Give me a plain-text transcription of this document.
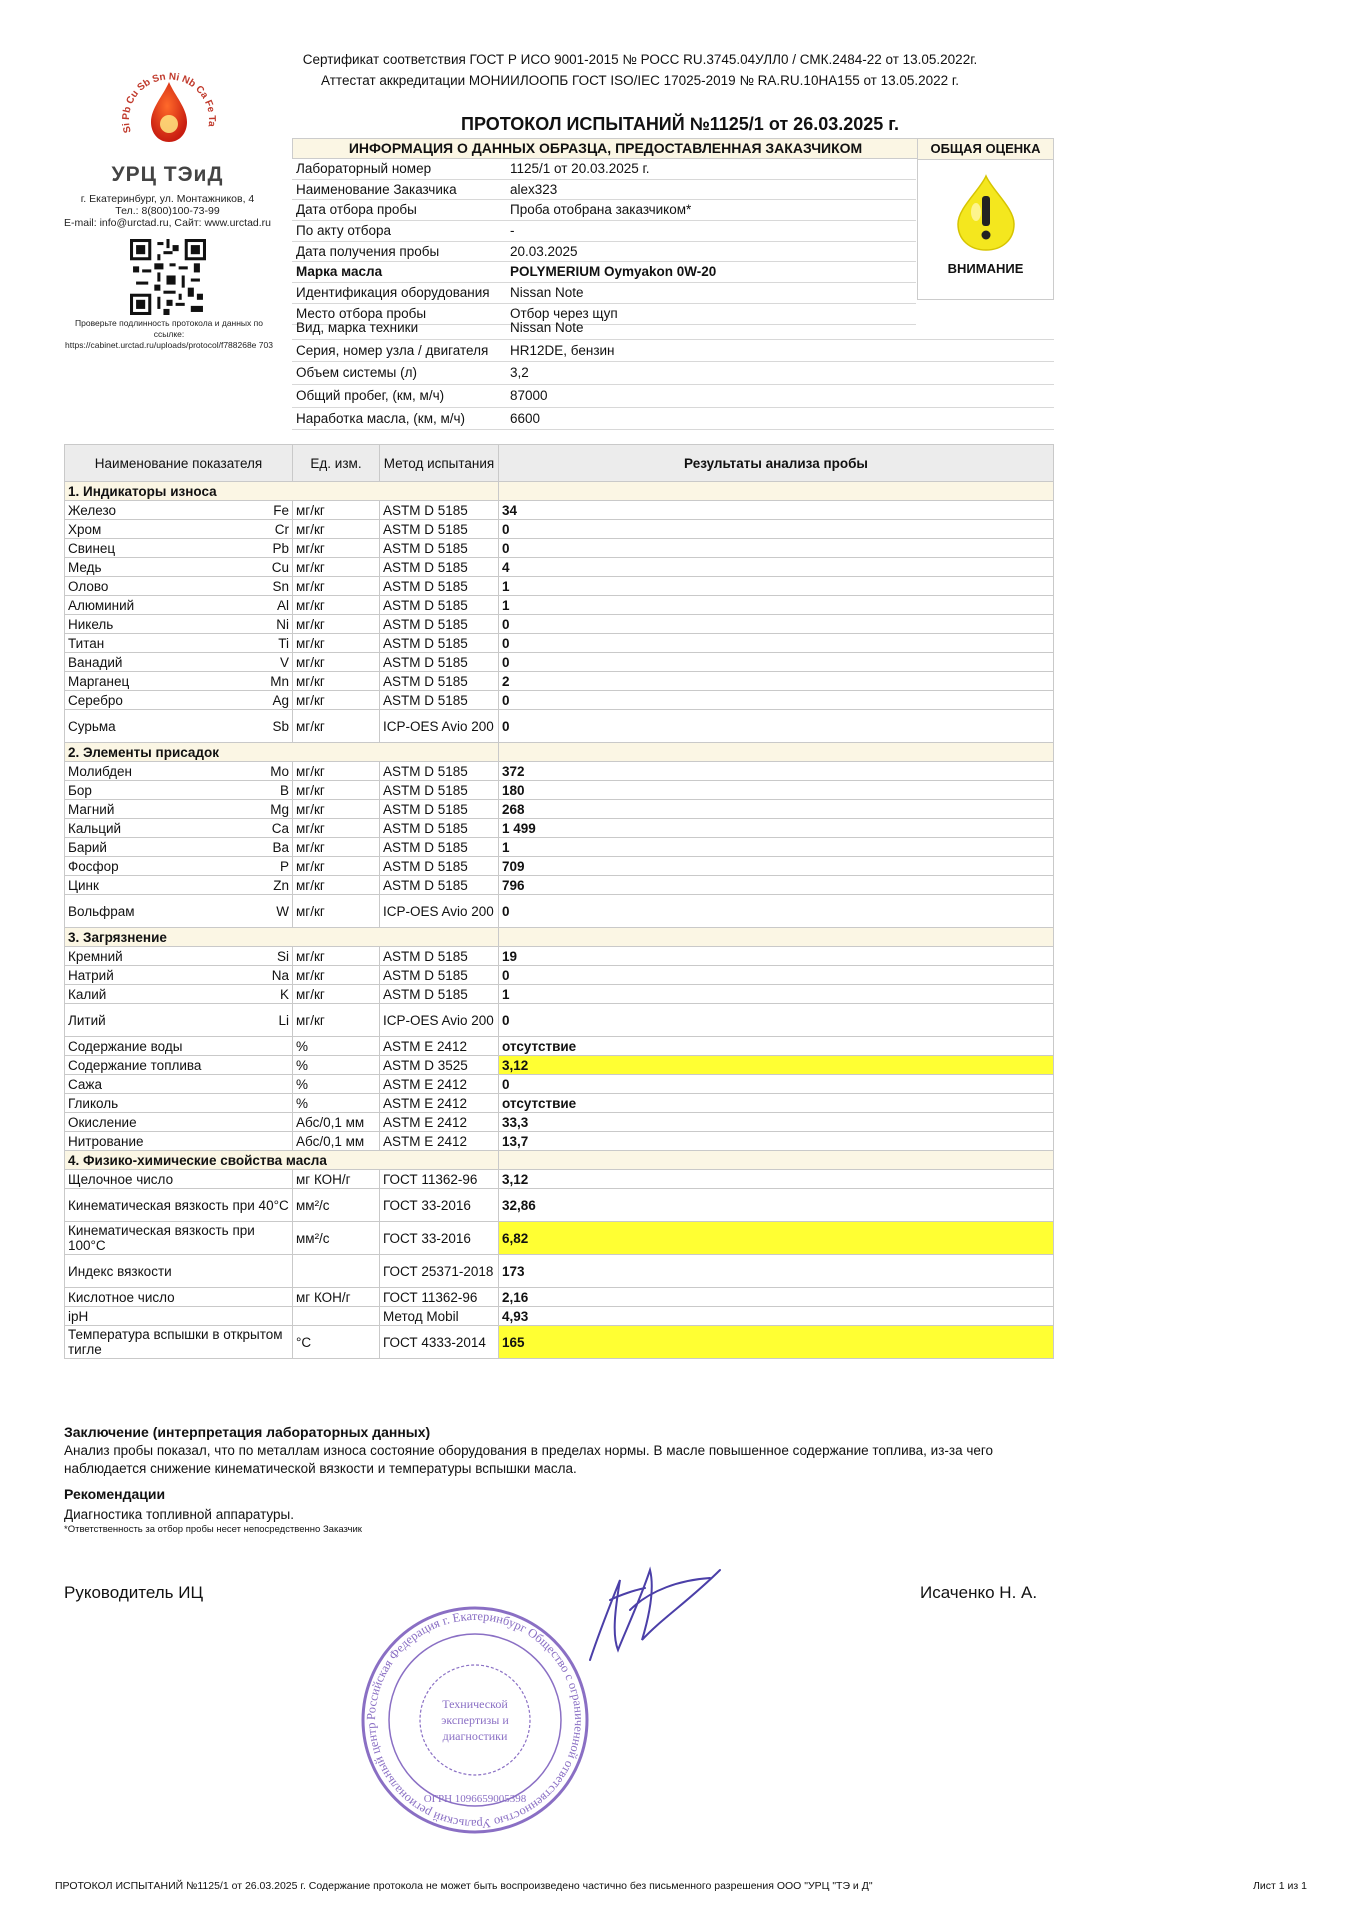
Сертификат соответствия ГОСТ Р ИСО 9001-2015 № РОСС RU.3745.04УЛЛ0 / СМК.2484-22 от 13.05.2022г.
Аттестат аккредитации МОНИИЛООПБ ГОСТ ISO/IEC 17025-2019 № RA.RU.10НА155 от 13.05.2022 г.
ПРОТОКОЛ ИСПЫТАНИЙ №1125/1 от 26.03.2025 г.
Si Pb Cu Sb Sn Ni Nb Ca Fe Ta
УРЦ ТЭиД
г. Екатеринбург, ул. Монтажников, 4
Тел.: 8(800)100-73-99
E-mail: info@urctad.ru, Сайт: www.urctad.ru
Проверьте подлинность протокола и данных по ссылке:
https://cabinet.urctad.ru/uploads/protocol/f788268e 703
ИНФОРМАЦИЯ О ДАННЫХ ОБРАЗЦА, ПРЕДОСТАВЛЕННАЯ ЗАКАЗЧИКОМ
Лабораторный номер	1125/1 от 20.03.2025 г.
Наименование Заказчика	alex323
Дата отбора пробы	Проба отобрана заказчиком*
По акту отбора	-
Дата получения пробы	20.03.2025
Марка масла	POLYMERIUM Oymyakon 0W-20
Идентификация оборудования	Nissan Note
Место отбора пробы	Отбор через щуп
Вид, марка техники	Nissan Note
Серия, номер узла / двигателя	HR12DE, бензин
Объем системы (л)	3,2
Общий пробег, (км, м/ч)	87000
Наработка масла, (км, м/ч)	6600
ОБЩАЯ ОЦЕНКА
ВНИМАНИЕ
Наименование показателя	Ед. изм.	Метод испытания	Результаты анализа пробы
1. Индикаторы износа			

Железо Fe	мг/кг	ASTM D 5185	34

Хром Cr	мг/кг	ASTM D 5185	0

Свинец Pb	мг/кг	ASTM D 5185	0

Медь Cu	мг/кг	ASTM D 5185	4

Олово Sn	мг/кг	ASTM D 5185	1

Алюминий Al	мг/кг	ASTM D 5185	1

Никель Ni	мг/кг	ASTM D 5185	0

Титан Ti	мг/кг	ASTM D 5185	0

Ванадий V	мг/кг	ASTM D 5185	0

Марганец Mn	мг/кг	ASTM D 5185	2

Серебро Ag	мг/кг	ASTM D 5185	0

Сурьма Sb	мг/кг	ICP-OES Avio 200	0
2. Элементы присадок			

Молибден Mo	мг/кг	ASTM D 5185	372

Бор B	мг/кг	ASTM D 5185	180

Магний Mg	мг/кг	ASTM D 5185	268

Кальций Ca	мг/кг	ASTM D 5185	1 499

Барий Ba	мг/кг	ASTM D 5185	1

Фосфор P	мг/кг	ASTM D 5185	709

Цинк Zn	мг/кг	ASTM D 5185	796

Вольфрам W	мг/кг	ICP-OES Avio 200	0
3. Загрязнение			

Кремний Si	мг/кг	ASTM D 5185	19

Натрий Na	мг/кг	ASTM D 5185	0

Калий K	мг/кг	ASTM D 5185	1

Литий Li	мг/кг	ICP-OES Avio 200	0

Содержание воды	%	ASTM E 2412	отсутствие

Содержание топлива	%	ASTM D 3525	3,12

Сажа	%	ASTM E 2412	0

Гликоль	%	ASTM E 2412	отсутствие

Окисление	Абс/0,1 мм	ASTM E 2412	33,3

Нитрование	Абс/0,1 мм	ASTM E 2412	13,7
4. Физико-химические свойства масла			

Щелочное число	мг КОН/г	ГОСТ 11362-96	3,12

Кинематическая вязкость при 40°С	мм²/с	ГОСТ 33-2016	32,86

Кинематическая вязкость при 100°С	мм²/с	ГОСТ 33-2016	6,82

Индекс вязкости		ГОСТ 25371-2018	173

Кислотное число	мг КОН/г	ГОСТ 11362-96	2,16

ipH		Метод Mobil	4,93

Температура вспышки в открытом тигле	°С	ГОСТ 4333-2014	165
Заключение (интерпретация лабораторных данных)
Анализ пробы показал, что по металлам износа состояние оборудования в пределах нормы. В масле повышенное содержание топлива, из-за чего наблюдается снижение кинематической вязкости и температуры вспышки масла.
Рекомендации
Диагностика топливной аппаратуры.
*Ответственность за отбор пробы несет непосредственно Заказчик
Руководитель ИЦ	Исаченко Н. А.
Российская Федерация г. Екатеринбург Общество с ограниченной ответственностью Уральский региональный центр
Технической
экспертизы и
диагностики
ОГРН 1096659005398
ПРОТОКОЛ ИСПЫТАНИЙ №1125/1 от 26.03.2025 г. Содержание протокола не может быть воспроизведено частично без письменного разрешения ООО "УРЦ "ТЭ и Д"	Лист 1 из 1
